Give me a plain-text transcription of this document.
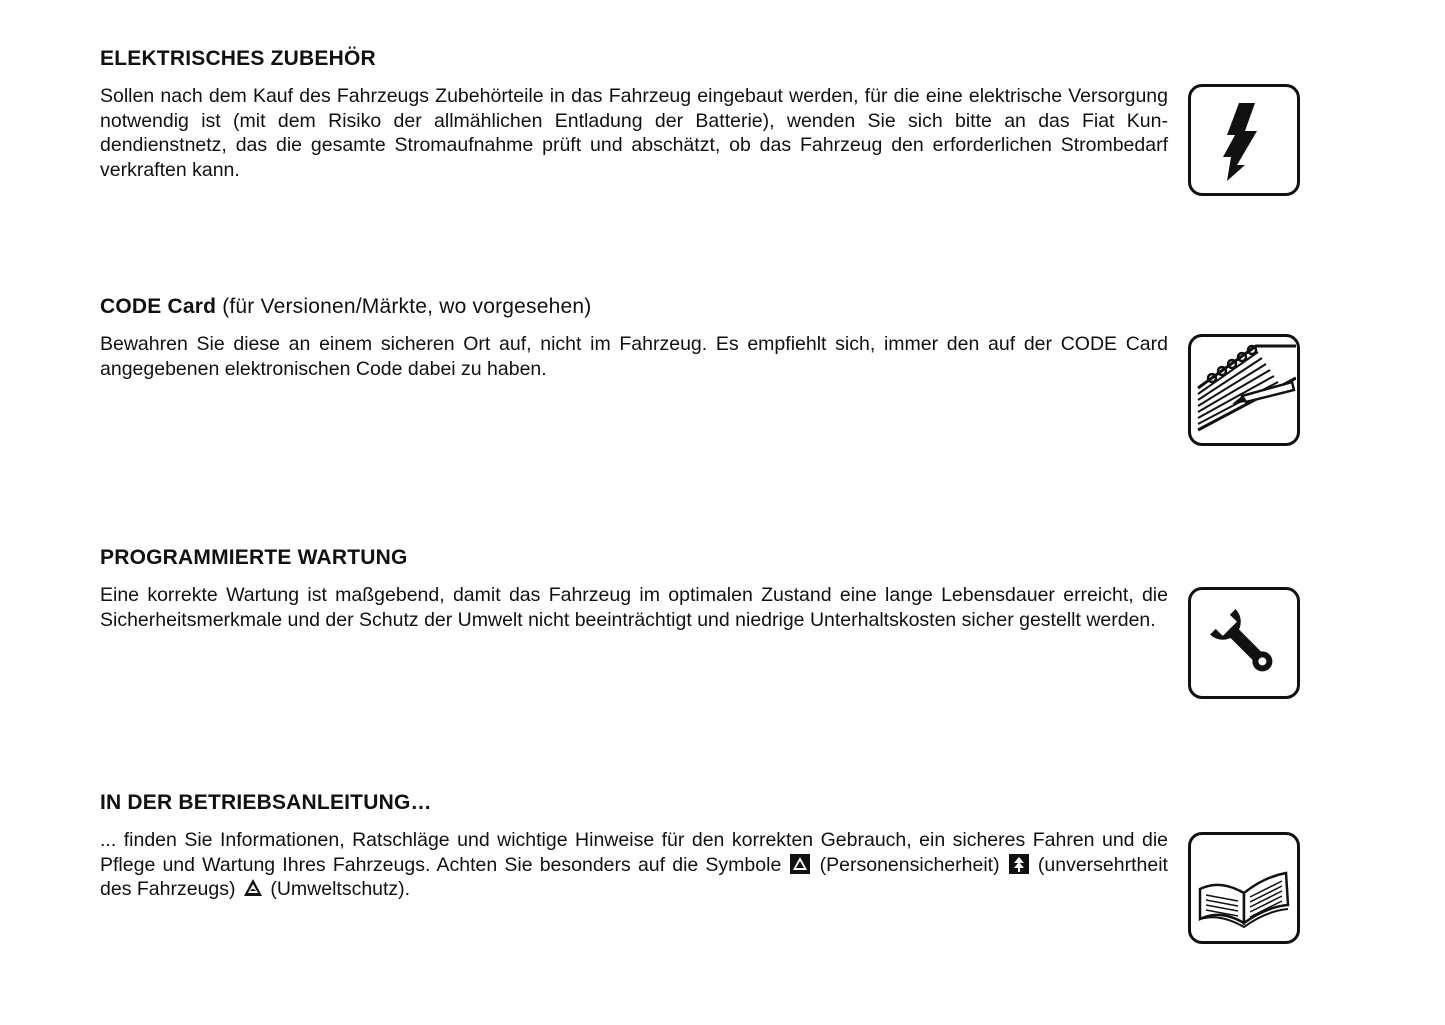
ELEKTRISCHES ZUBEHÖR

Sollen nach dem Kauf des Fahrzeugs Zubehörteile in das Fahrzeug eingebaut werden, für die eine elektrische Versorgung notwendig ist (mit dem Risiko der allmählichen Entladung der Batterie), wenden Sie sich bitte an das Fiat Kundendienstnetz, das die gesamte Stromaufnahme prüft und abschätzt, ob das Fahrzeug den erforderlichen Strombedarf verkraften kann.

CODE Card (für Versionen/Märkte, wo vorgesehen)

Bewahren Sie diese an einem sicheren Ort auf, nicht im Fahrzeug. Es empfiehlt sich, immer den auf der CODE Card angegebenen elektronischen Code dabei zu haben.

PROGRAMMIERTE WARTUNG

Eine korrekte Wartung ist maßgebend, damit das Fahrzeug im optimalen Zustand eine lange Lebensdauer erreicht, die Sicherheitsmerkmale und der Schutz der Umwelt nicht beeinträchtigt und niedrige Unterhaltskosten sicher gestellt werden.

IN DER BETRIEBSANLEITUNG…

... finden Sie Informationen, Ratschläge und wichtige Hinweise für den korrekten Gebrauch, ein sicheres Fahren und die Pflege und Wartung Ihres Fahrzeugs. Achten Sie besonders auf die Symbole (Personensicherheit) (unversehrtheit des Fahrzeugs) (Umweltschutz).
